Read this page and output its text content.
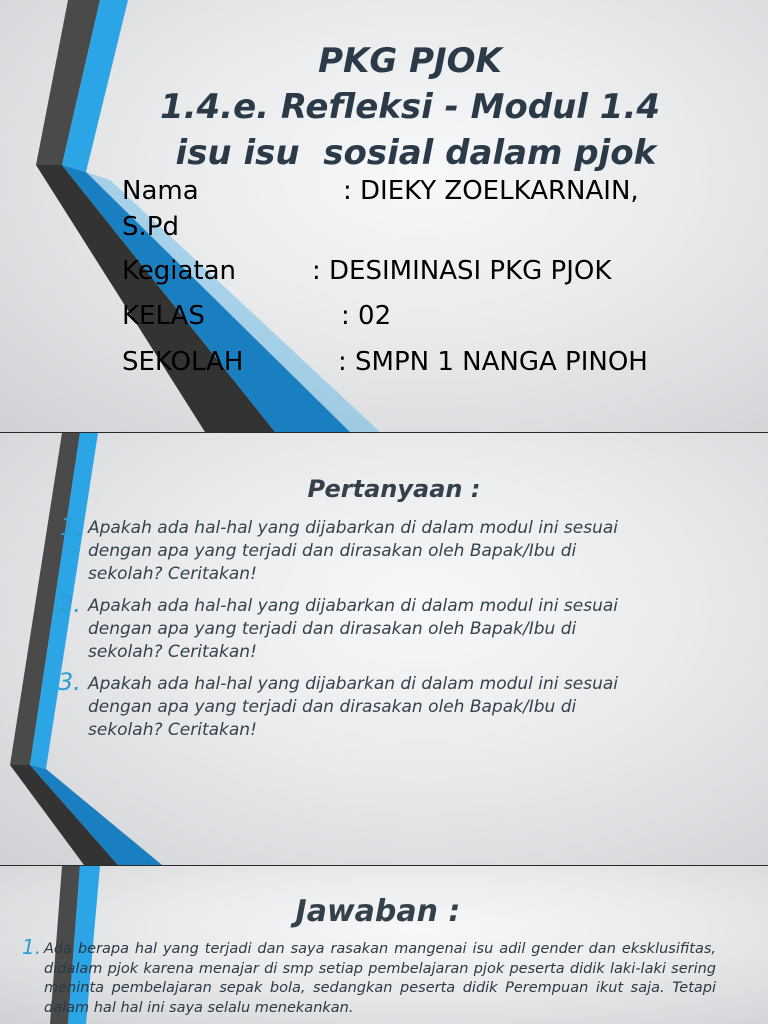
PKG PJOK
1.4.e. Refleksi - Modul 1.4
isu isu  sosial dalam pjok
Nama	: DIEKY ZOELKARNAIN,
S.Pd
Kegiatan	: DESIMINASI PKG PJOK
KELAS	: 02
SEKOLAH	: SMPN 1 NANGA PINOH
Pertanyaan :
1. Apakah ada hal-hal yang dijabarkan di dalam modul ini sesuai
dengan apa yang terjadi dan dirasakan oleh Bapak/Ibu di
sekolah? Ceritakan!
2. Apakah ada hal-hal yang dijabarkan di dalam modul ini sesuai
dengan apa yang terjadi dan dirasakan oleh Bapak/Ibu di
sekolah? Ceritakan!
3. Apakah ada hal-hal yang dijabarkan di dalam modul ini sesuai
dengan apa yang terjadi dan dirasakan oleh Bapak/Ibu di
sekolah? Ceritakan!
Jawaban :
1. Ada berapa hal yang terjadi dan saya rasakan mangenai isu adil gender dan eksklusifitas, didalam pjok karena menajar di smp setiap pembelajaran pjok peserta didik laki-laki sering meninta pembelajaran sepak bola, sedangkan peserta didik Perempuan ikut saja. Tetapi dalam hal hal ini saya selalu menekankan.
